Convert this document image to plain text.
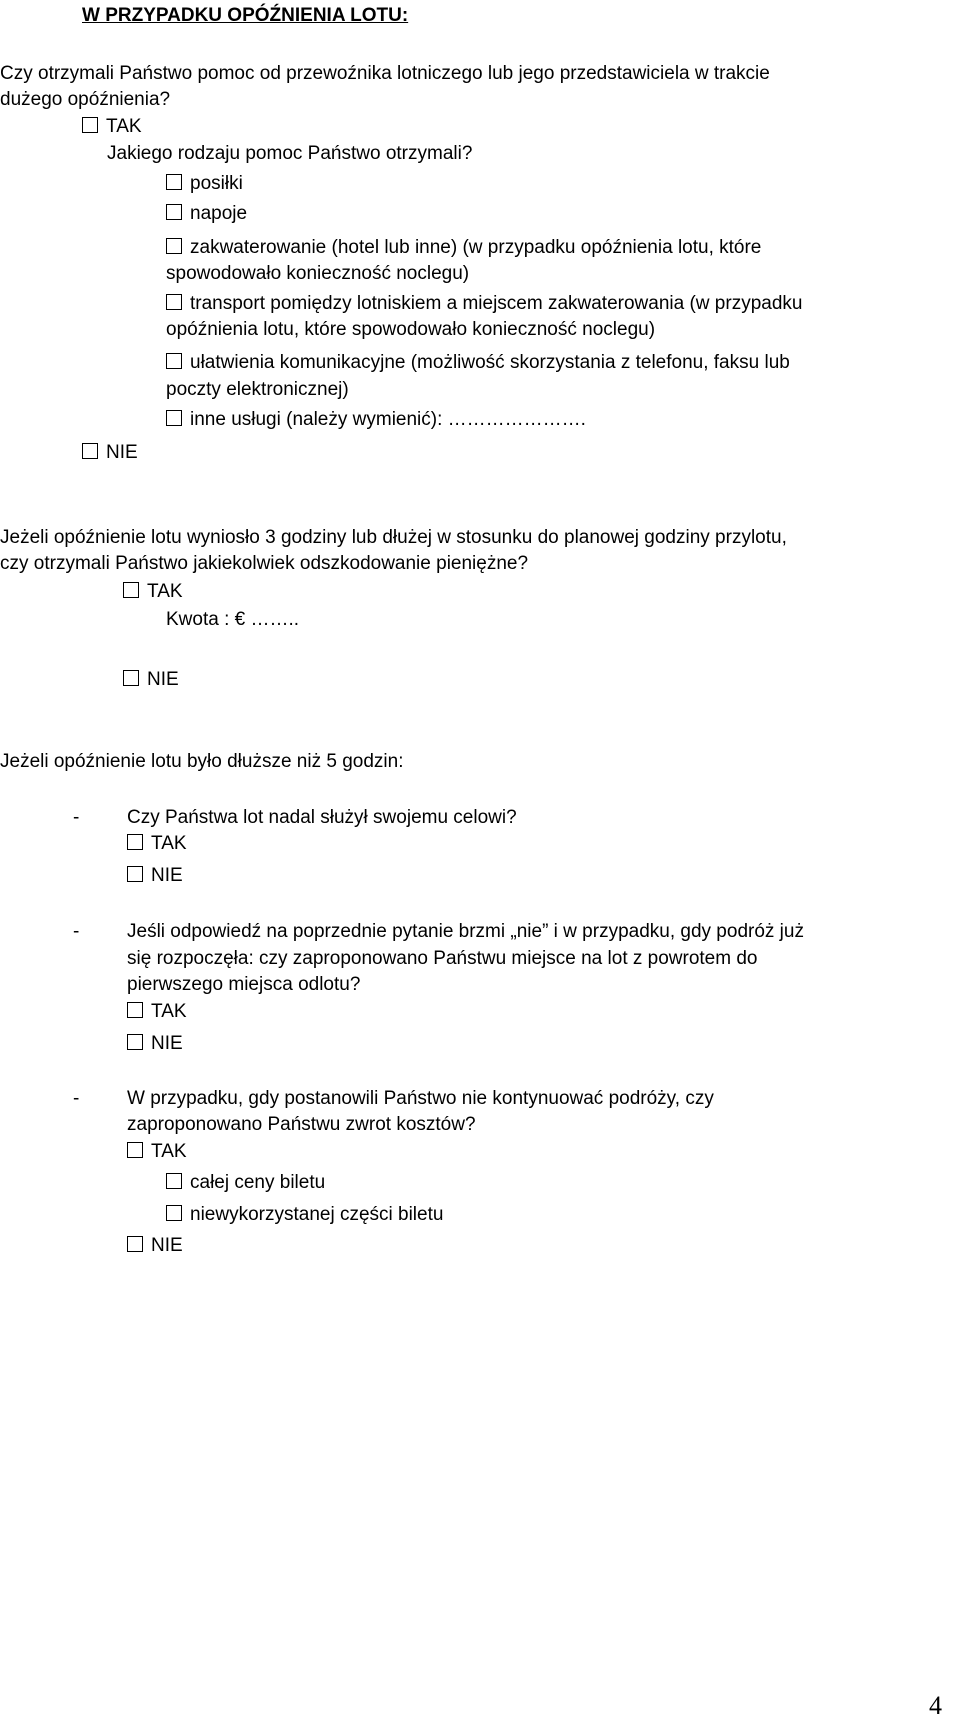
W PRZYPADKU OPÓŹNIENIA LOTU:
Czy otrzymali Państwo pomoc od przewoźnika lotniczego lub jego przedstawiciela w trakcie
dużego opóźnienia?
TAK
Jakiego rodzaju pomoc Państwo otrzymali?
posiłki
napoje
zakwaterowanie (hotel lub inne) (w przypadku opóźnienia lotu, które
spowodowało konieczność noclegu)
transport pomiędzy lotniskiem a miejscem zakwaterowania (w przypadku
opóźnienia lotu, które spowodowało konieczność noclegu)
ułatwienia komunikacyjne (możliwość skorzystania z telefonu, faksu lub
poczty elektronicznej)
inne usługi (należy wymienić): ………………….
NIE
Jeżeli opóźnienie lotu wyniosło 3 godziny lub dłużej w stosunku do planowej godziny przylotu,
czy otrzymali Państwo jakiekolwiek odszkodowanie pieniężne?
TAK
Kwota : € ……..
NIE
Jeżeli opóźnienie lotu było dłuższe niż 5 godzin:
-	Czy Państwa lot nadal służył swojemu celowi?
TAK
NIE
-	Jeśli odpowiedź na poprzednie pytanie brzmi „nie” i w przypadku, gdy podróż już
się rozpoczęła: czy zaproponowano Państwu miejsce na lot z powrotem do
pierwszego miejsca odlotu?
TAK
NIE
-	W przypadku, gdy postanowili Państwo nie kontynuować podróży, czy
zaproponowano Państwu zwrot kosztów?
TAK
całej ceny biletu
niewykorzystanej części biletu
NIE
4
